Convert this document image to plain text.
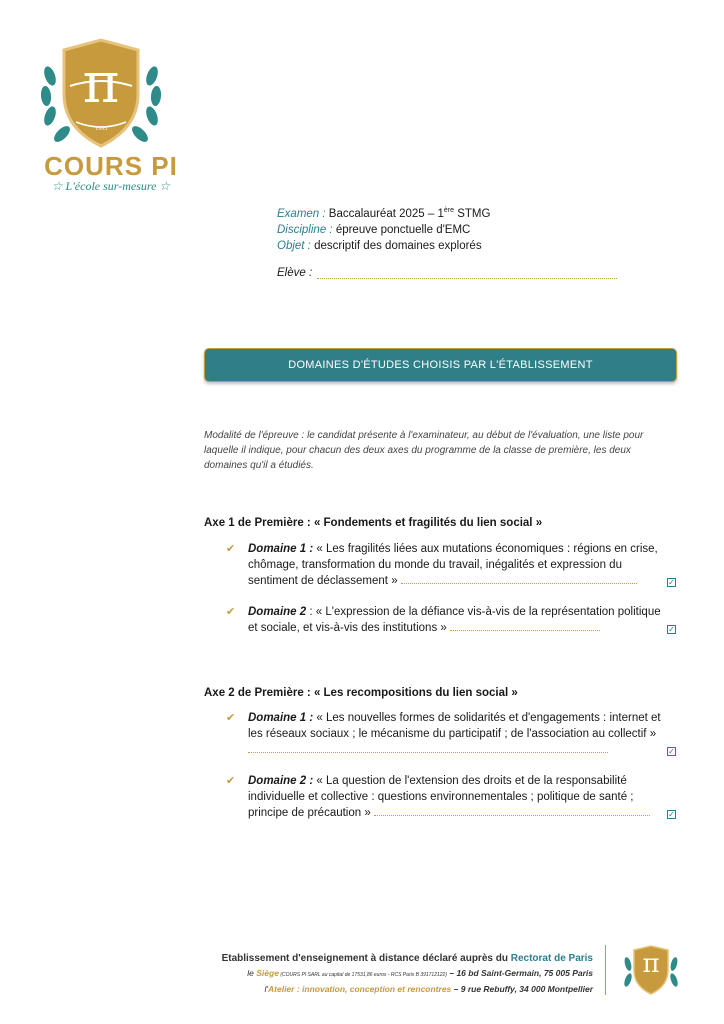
π
1995
COURS PI
☆ L'école sur-mesure ☆
Examen : Baccalauréat 2025 – 1ère STMG
Discipline : épreuve ponctuelle d'EMC
Objet : descriptif des domaines explorés
Elève :
DOMAINES D'ÉTUDES CHOISIS PAR L'ÉTABLISSEMENT
Modalité de l'épreuve : le candidat présente à l'examinateur, au début de l'évaluation, une liste pour laquelle il indique, pour chacun des deux axes du programme de la classe de première, les deux domaines qu'il a étudiés.
Axe 1 de Première : « Fondements et fragilités du lien social »
✔ Domaine 1 : « Les fragilités liées aux mutations économiques : régions en crise, chômage, transformation du monde du travail, inégalités et expression du sentiment de déclassement »	✓
✔ Domaine 2 : « L'expression de la défiance vis-à-vis de la représentation politique et sociale, et vis-à-vis des institutions »	✓
Axe 2 de Première : « Les recompositions du lien social »
✔ Domaine 1 : « Les nouvelles formes de solidarités et d'engagements : internet et les réseaux sociaux ; le mécanisme du participatif ; de l'association au collectif »
✓
✔ Domaine 2 : « La question de l'extension des droits et de la responsabilité individuelle et collective : questions environnementales ; politique de santé ; principe de précaution »	✓
Etablissement d'enseignement à distance déclaré auprès du Rectorat de Paris
le Siège (COURS PI SARL au capital de 17531,86 euros - RCS Paris B 391712122) – 16 bd Saint-Germain, 75 005 Paris
l'Atelier : innovation, conception et rencontres – 9 rue Rebuffy, 34 000 Montpellier
π
